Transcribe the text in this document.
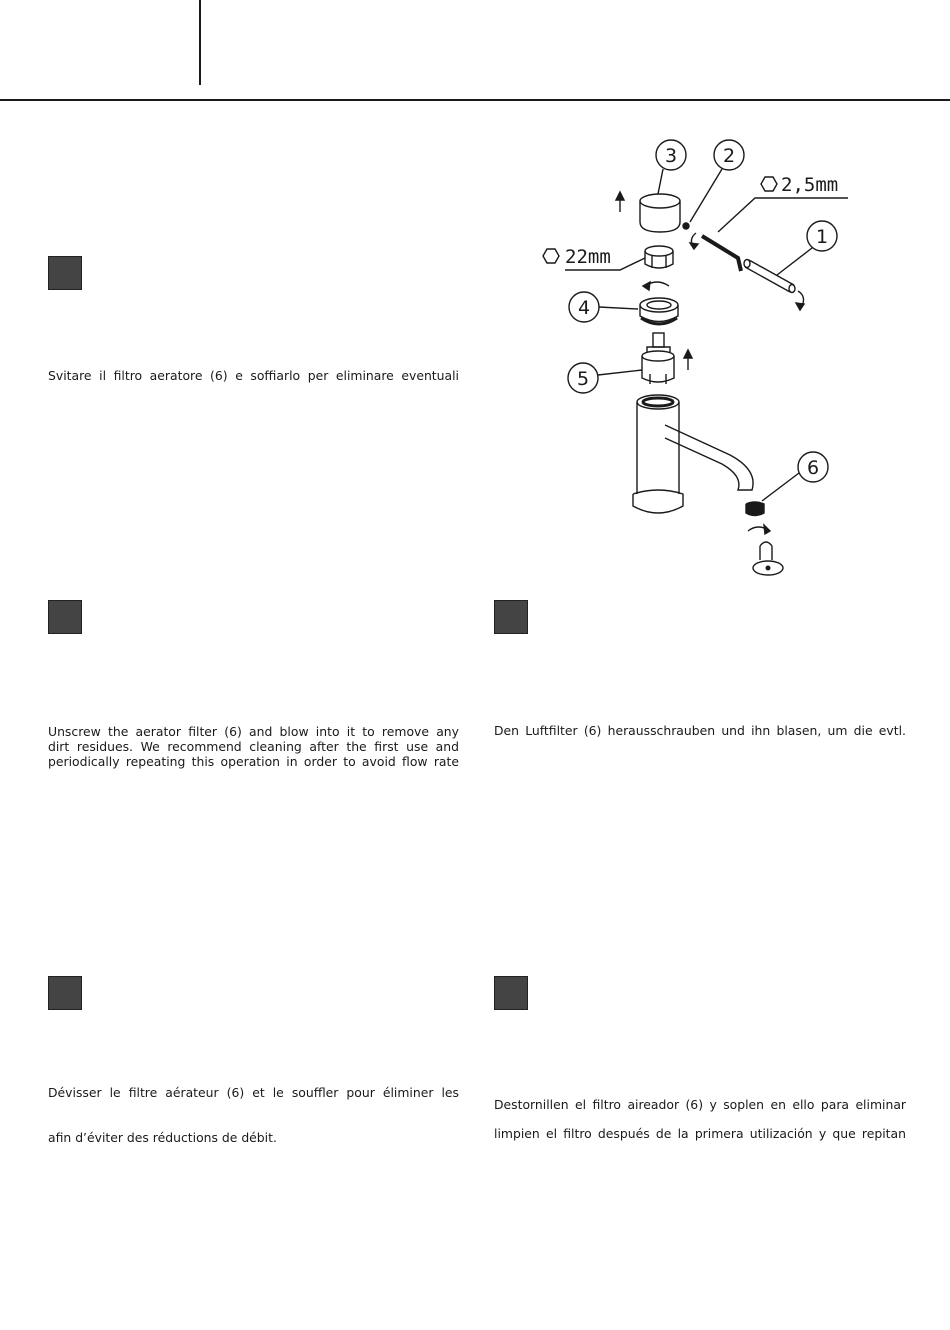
Svitare il filtro aeratore (6) e soffiarlo per eliminare eventuali
Unscrew the aerator filter (6) and blow into it to remove any
dirt residues. We recommend cleaning after the first use and
periodically repeating this operation in order to avoid flow rate
Den Luftfilter (6) herausschrauben und ihn blasen, um die evtl.
Dévisser le filtre aérateur (6) et le souffler pour éliminer les
afin d’éviter des réductions de débit.
Destornillen el filtro aireador (6) y soplen en ello para eliminar
limpien el filtro después de la primera utilización y que repitan
3 2
2,5mm
1
22mm
4
5
6
